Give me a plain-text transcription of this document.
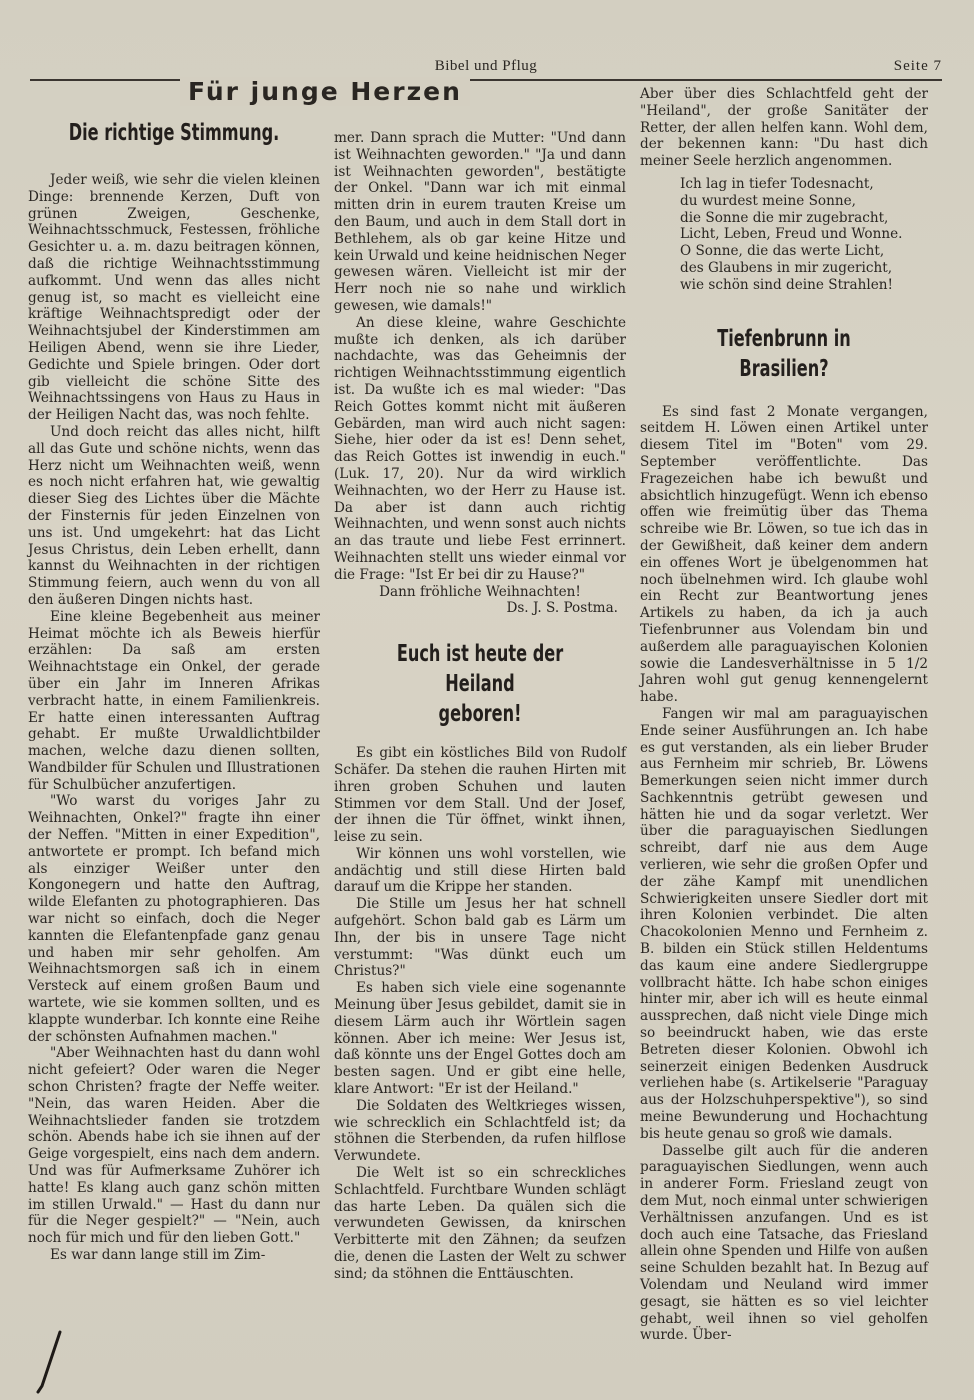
Bibel und Pflug	Seite 7
Für junge Herzen
Die richtige Stimmung.

Jeder weiß, wie sehr die vielen kleinen Dinge: brennende Kerzen, Duft von grünen Zweigen, Geschenke, Weihnachtsschmuck, Festessen, fröhliche Gesichter u. a. m. dazu beitragen können, daß die richtige Weihnachtsstimmung aufkommt. Und wenn das alles nicht genug ist, so macht es vielleicht eine kräftige Weihnachtspredigt oder der Weihnachtsjubel der Kinderstimmen am Heiligen Abend, wenn sie ihre Lieder, Gedichte und Spiele bringen. Oder dort gib vielleicht die schöne Sitte des Weihnachtssingens von Haus zu Haus in der Heiligen Nacht das, was noch fehlte.

Und doch reicht das alles nicht, hilft all das Gute und schöne nichts, wenn das Herz nicht um Weihnachten weiß, wenn es noch nicht erfahren hat, wie gewaltig dieser Sieg des Lichtes über die Mächte der Finsternis für jeden Einzelnen von uns ist. Und umgekehrt: hat das Licht Jesus Christus, dein Leben erhellt, dann kannst du Weihnachten in der richtigen Stimmung feiern, auch wenn du von all den äußeren Dingen nichts hast.

Eine kleine Begebenheit aus meiner Heimat möchte ich als Beweis hierfür erzählen: Da saß am ersten Weihnachtstage ein Onkel, der gerade über ein Jahr im Inneren Afrikas verbracht hatte, in einem Familienkreis. Er hatte einen interessanten Auftrag gehabt. Er mußte Urwaldlichtbilder machen, welche dazu dienen sollten, Wandbilder für Schulen und Illustrationen für Schulbücher anzufertigen.

"Wo warst du voriges Jahr zu Weihnachten, Onkel?" fragte ihn einer der Neffen. "Mitten in einer Expedition", antwortete er prompt. Ich befand mich als einziger Weißer unter den Kongonegern und hatte den Auftrag, wilde Elefanten zu photographieren. Das war nicht so einfach, doch die Neger kannten die Elefantenpfade ganz genau und haben mir sehr geholfen. Am Weihnachtsmorgen saß ich in einem Versteck auf einem großen Baum und wartete, wie sie kommen sollten, und es klappte wunderbar. Ich konnte eine Reihe der schönsten Aufnahmen machen."

"Aber Weihnachten hast du dann wohl nicht gefeiert? Oder waren die Neger schon Christen? fragte der Neffe weiter. "Nein, das waren Heiden. Aber die Weihnachtslieder fanden sie trotzdem schön. Abends habe ich sie ihnen auf der Geige vorgespielt, eins nach dem andern. Und was für Aufmerksame Zuhörer ich hatte! Es klang auch ganz schön mitten im stillen Urwald." — Hast du dann nur für die Neger gespielt?" — "Nein, auch noch für mich und für den lieben Gott."

Es war dann lange still im Zim-

mer. Dann sprach die Mutter: "Und dann ist Weihnachten geworden." "Ja und dann ist Weihnachten geworden", bestätigte der Onkel. "Dann war ich mit einmal mitten drin in eurem trauten Kreise um den Baum, und auch in dem Stall dort in Bethlehem, als ob gar keine Hitze und kein Urwald und keine heidnischen Neger gewesen wären. Vielleicht ist mir der Herr noch nie so nahe und wirklich gewesen, wie damals!"

An diese kleine, wahre Geschichte mußte ich denken, als ich darüber nachdachte, was das Geheimnis der richtigen Weihnachtsstimmung eigentlich ist. Da wußte ich es mal wieder: "Das Reich Gottes kommt nicht mit äußeren Gebärden, man wird auch nicht sagen: Siehe, hier oder da ist es! Denn sehet, das Reich Gottes ist inwendig in euch." (Luk. 17, 20). Nur da wird wirklich Weihnachten, wo der Herr zu Hause ist. Da aber ist dann auch richtig Weihnachten, und wenn sonst auch nichts an das traute und liebe Fest errinnert. Weihnachten stellt uns wieder einmal vor die Frage: "Ist Er bei dir zu Hause?"

Dann fröhliche Weihnachten!

Ds. J. S. Postma.

Euch ist heute der Heiland
geboren!

Es gibt ein köstliches Bild von Rudolf Schäfer. Da stehen die rauhen Hirten mit ihren groben Schuhen und lauten Stimmen vor dem Stall. Und der Josef, der ihnen die Tür öffnet, winkt ihnen, leise zu sein.

Wir können uns wohl vorstellen, wie andächtig und still diese Hirten bald darauf um die Krippe her standen.

Die Stille um Jesus her hat schnell aufgehört. Schon bald gab es Lärm um Ihn, der bis in unsere Tage nicht verstummt: "Was dünkt euch um Christus?"

Es haben sich viele eine sogenannte Meinung über Jesus gebildet, damit sie in diesem Lärm auch ihr Wörtlein sagen können. Aber ich meine: Wer Jesus ist, daß könnte uns der Engel Gottes doch am besten sagen. Und er gibt eine helle, klare Antwort: "Er ist der Heiland."

Die Soldaten des Weltkrieges wissen, wie schrecklich ein Schlachtfeld ist; da stöhnen die Sterbenden, da rufen hilflose Verwundete.

Die Welt ist so ein schreckliches Schlachtfeld. Furchtbare Wunden schlägt das harte Leben. Da quälen sich die verwundeten Gewissen, da knirschen Verbitterte mit den Zähnen; da seufzen die, denen die Lasten der Welt zu schwer sind; da stöhnen die Enttäuschten.

Aber über dies Schlachtfeld geht der "Heiland", der große Sanitäter der Retter, der allen helfen kann. Wohl dem, der bekennen kann: "Du hast dich meiner Seele herzlich angenommen.

Ich lag in tiefer Todesnacht,
du wurdest meine Sonne,
die Sonne die mir zugebracht,
Licht, Leben, Freud und Wonne.
O Sonne, die das werte Licht,
des Glaubens in mir zugericht,
wie schön sind deine Strahlen!
Tiefenbrunn in Brasilien?

Es sind fast 2 Monate vergangen, seitdem H. Löwen einen Artikel unter diesem Titel im "Boten" vom 29. September veröffentlichte. Das Fragezeichen habe ich bewußt und absichtlich hinzugefügt. Wenn ich ebenso offen wie freimütig über das Thema schreibe wie Br. Löwen, so tue ich das in der Gewißheit, daß keiner dem andern ein offenes Wort je übelgenommen hat noch übelnehmen wird. Ich glaube wohl ein Recht zur Beantwortung jenes Artikels zu haben, da ich ja auch Tiefenbrunner aus Volendam bin und außerdem alle paraguayischen Kolonien sowie die Landesverhältnisse in 5 1/2 Jahren wohl gut genug kennengelernt habe.

Fangen wir mal am paraguayischen Ende seiner Ausführungen an. Ich habe es gut verstanden, als ein lieber Bruder aus Fernheim mir schrieb, Br. Löwens Bemerkungen seien nicht immer durch Sachkenntnis getrübt gewesen und hätten hie und da sogar verletzt. Wer über die paraguayischen Siedlungen schreibt, darf nie aus dem Auge verlieren, wie sehr die großen Opfer und der zähe Kampf mit unendlichen Schwierigkeiten unsere Siedler dort mit ihren Kolonien verbindet. Die alten Chacokolonien Menno und Fernheim z. B. bilden ein Stück stillen Heldentums das kaum eine andere Siedlergruppe vollbracht hätte. Ich habe schon einiges hinter mir, aber ich will es heute einmal aussprechen, daß nicht viele Dinge mich so beeindruckt haben, wie das erste Betreten dieser Kolonien. Obwohl ich seinerzeit einigen Bedenken Ausdruck verliehen habe (s. Artikelserie "Paraguay aus der Holzschuhperspektive"), so sind meine Bewunderung und Hochachtung bis heute genau so groß wie damals.

Dasselbe gilt auch für die anderen paraguayischen Siedlungen, wenn auch in anderer Form. Friesland zeugt von dem Mut, noch einmal unter schwierigen Verhältnissen anzufangen. Und es ist doch auch eine Tatsache, das Friesland allein ohne Spenden und Hilfe von außen seine Schulden bezahlt hat. In Bezug auf Volendam und Neuland wird immer gesagt, sie hätten es so viel leichter gehabt, weil ihnen so viel geholfen wurde. Über-
